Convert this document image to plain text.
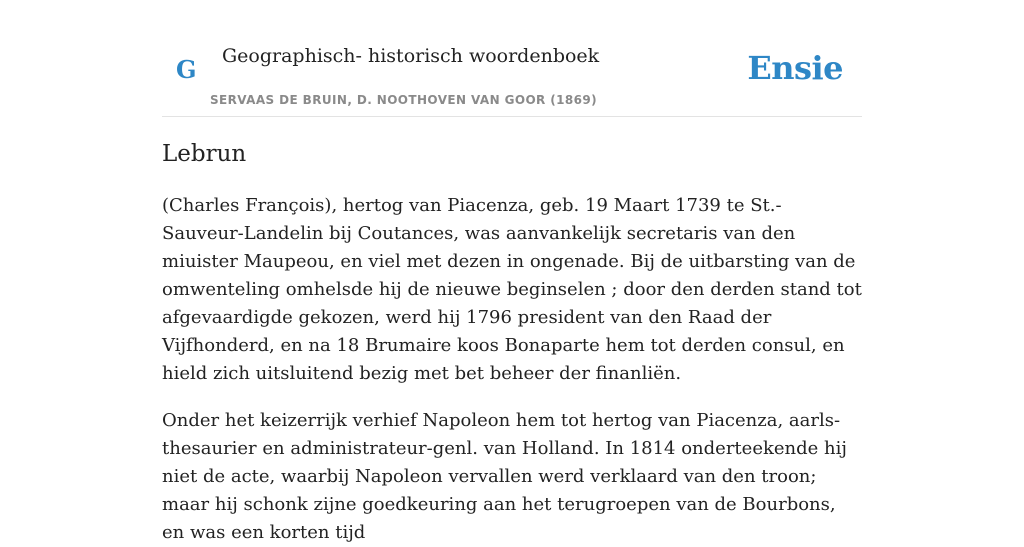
G Geographisch- historisch woordenboek
SERVAAS DE BRUIN, D. NOOTHOVEN VAN GOOR (1869)
Ensie
Lebrun

(Charles François), hertog van Piacenza, geb. 19 Maart 1739 te St.-Sauveur-Landelin bij Coutances, was aanvankelijk secretaris van den miuister Maupeou, en viel met dezen in ongenade. Bij de uitbarsting van de omwenteling omhelsde hij de nieuwe beginselen ; door den derden stand tot afgevaardigde gekozen, werd hij 1796 president van den Raad der Vijfhonderd, en na 18 Brumaire koos Bonaparte hem tot derden consul, en hield zich uitsluitend bezig met bet beheer der finanliën.

Onder het keizerrijk verhief Napoleon hem tot hertog van Piacenza, aarls-thesaurier en administrateur-genl. van Holland. In 1814 onderteekende hij niet de acte, waarbij Napoleon vervallen werd verklaard van den troon; maar hij schonk zijne goedkeuring aan het terugroepen van de Bourbons, en was een korten tijd
